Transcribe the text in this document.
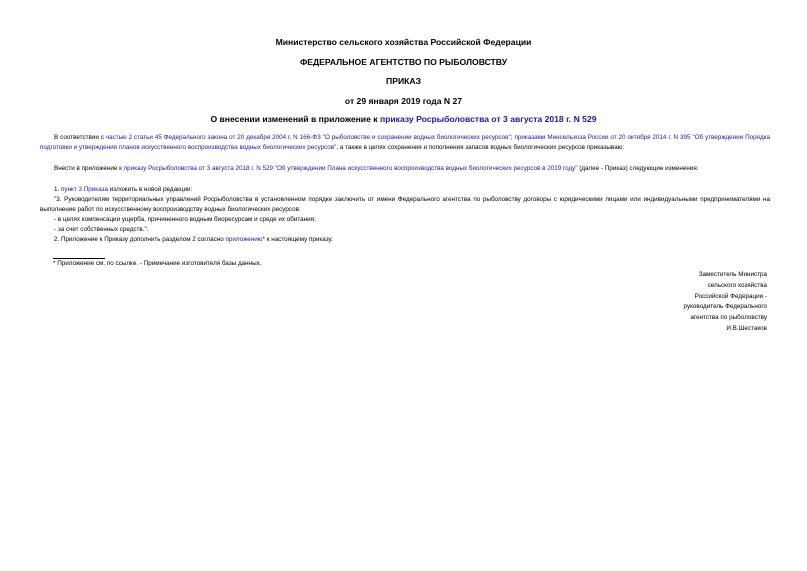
Министерство сельского хозяйства Российской Федерации
ФЕДЕРАЛЬНОЕ АГЕНТСТВО ПО РЫБОЛОВСТВУ
ПРИКАЗ
от 29 января 2019 года N 27
О внесении изменений в приложение к приказу Росрыболовства от 3 августа 2018 г. N 529

В соответствии с частью 2 статьи 45 Федерального закона от 20 декабря 2004 г. N 166-ФЗ "О рыболовстве и сохранении водных биологических ресурсов"; приказами Минсельхоза России от 20 октября 2014 г. N 395 "Об утверждении Порядка подготовки и утверждения планов искусственного воспроизводства водных биологических ресурсов", а также в целях сохранения и пополнения запасов водных биологических ресурсов приказываю:

Внести в приложение к приказу Росрыболовства от 3 августа 2018 г. N 529 "Об утверждении Плана искусственного воспроизводства водных биологических ресурсов в 2019 году" (далее - Приказ) следующие изменения:

1. пункт 3 Приказа изложить в новой редакции:

"3. Руководителям территориальных управлений Росрыболовства в установленном порядке заключить от имени Федерального агентства по рыболовству договоры с юридическими лицами или индивидуальными предпринимателями на выполнение работ по искусственному воспроизводству водных биологических ресурсов:

- в целях компенсации ущерба, причиненного водным биоресурсам и среде их обитания;

- за счет собственных средств.".

2. Приложение к Приказу дополнить разделом 2 согласно приложению* к настоящему приказу.

* Приложение см. по ссылке. - Примечание изготовителя базы данных.
Заместитель Министра
сельского хозяйства
Российской Федерации -
руководитель Федерального
агентства по рыболовству
И.В.Шестаков
